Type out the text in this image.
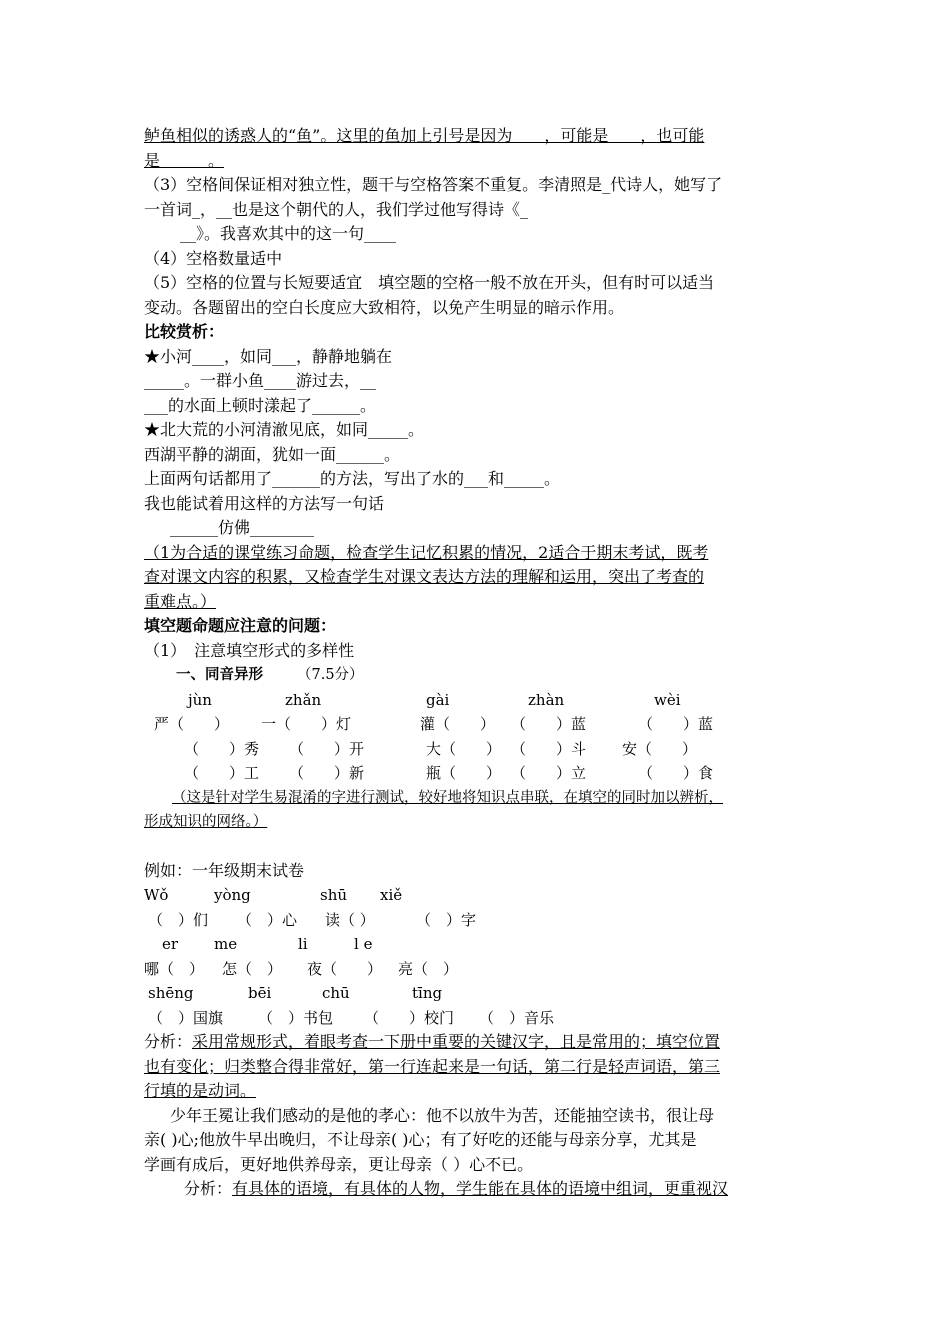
鲈鱼相似的诱惑人的“鱼”。这里的鱼加上引号是因为　　，可能是　　，也可能
是　　　。
（3）空格间保证相对独立性，题干与空格答案不重复。李清照是_代诗人，她写了
一首词_，__也是这个朝代的人，我们学过他写得诗《_
__》。我喜欢其中的这一句____
（4）空格数量适中
（5）空格的位置与长短要适宜　填空题的空格一般不放在开头，但有时可以适当
变动。各题留出的空白长度应大致相符，以免产生明显的暗示作用。
比较赏析：
★小河____，如同___，静静地躺在
_____。一群小鱼____游过去，__
___的水面上顿时漾起了______。
★北大荒的小河清澈见底，如同_____。
西湖平静的湖面，犹如一面______。
上面两句话都用了______的方法，写出了水的___和_____。
我也能试着用这样的方法写一句话
______仿佛________
（1为合适的课堂练习命题，检查学生记忆积累的情况，2适合于期末考试，既考
查对课文内容的积累，又检查学生对课文表达方法的理解和运用，突出了考查的
重难点。）
填空题命题应注意的问题：
（1）　注意填空形式的多样性
一、同音异形 （7.5分）
jùn	zhǎn	gài	zhàn	wèi
严（　　） 一（　　）灯	灌（　　） （　　）蓝	（　　）蓝
（　　）秀 （　　）开	大（　　） （　　）斗 安（　　）
（　　）工 （　　）新	瓶（　　） （　　）立	（　　）食
（这是针对学生易混淆的字进行测试，较好地将知识点串联，在填空的同时加以辨析，
形成知识的网络。）
例如：一年级期末试卷
Wǒ	yòng	shū xiě
（　）们 （　）心 读（ ）	（　）字
er me	li	l e
哪（　） 怎（　） 夜（　　） 亮（　）
shēng	bēi	chū	tīng
（　）国旗 （　）书包 （　　）校门 （　）音乐
分析：采用常规形式，着眼考查一下册中重要的关键汉字，且是常用的；填空位置
也有变化；归类整合得非常好，第一行连起来是一句话，第二行是轻声词语，第三
行填的是动词。
少年王冕让我们感动的是他的孝心：他不以放牛为苦，还能抽空读书，很让母
亲( )心;他放牛早出晚归，不让母亲( )心；有了好吃的还能与母亲分享，尤其是
学画有成后，更好地供养母亲，更让母亲（ ）心不已。
分析：有具体的语境，有具体的人物，学生能在具体的语境中组词，更重视汉
